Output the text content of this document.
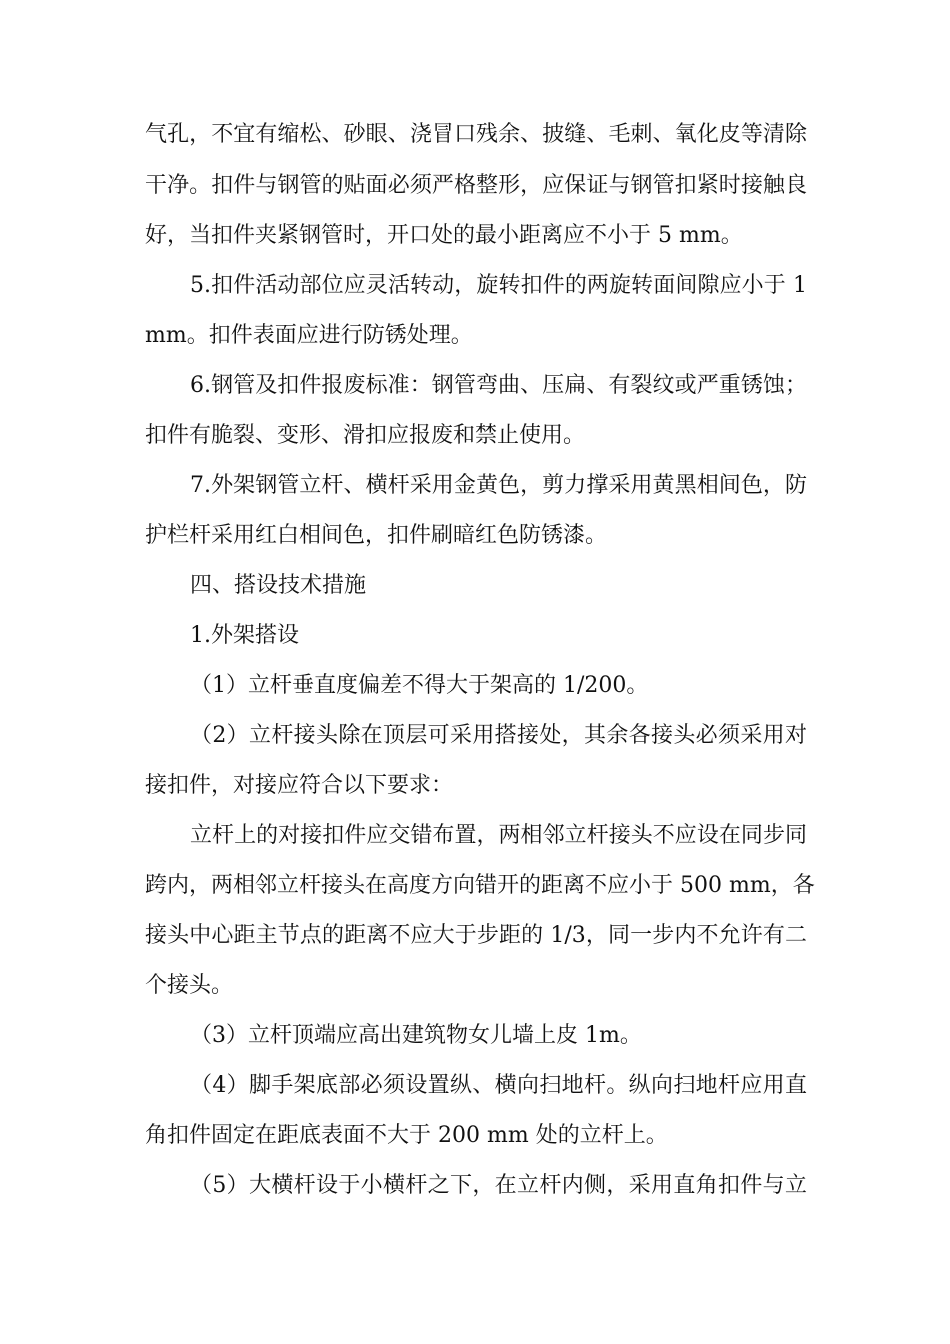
气孔，不宜有缩松、砂眼、浇冒口残余、披缝、毛刺、氧化皮等清除
干净。扣件与钢管的贴面必须严格整形，应保证与钢管扣紧时接触良
好，当扣件夹紧钢管时，开口处的最小距离应不小于 5 mm。
5.扣件活动部位应灵活转动，旋转扣件的两旋转面间隙应小于 1
mm。扣件表面应进行防锈处理。
6.钢管及扣件报废标准：钢管弯曲、压扁、有裂纹或严重锈蚀；
扣件有脆裂、变形、滑扣应报废和禁止使用。
7.外架钢管立杆、横杆采用金黄色，剪力撑采用黄黑相间色，防
护栏杆采用红白相间色，扣件刷暗红色防锈漆。
四、搭设技术措施
1.外架搭设
（1）立杆垂直度偏差不得大于架高的 1/200。
（2）立杆接头除在顶层可采用搭接处，其余各接头必须采用对
接扣件，对接应符合以下要求：
立杆上的对接扣件应交错布置，两相邻立杆接头不应设在同步同
跨内，两相邻立杆接头在高度方向错开的距离不应小于 500 mm，各
接头中心距主节点的距离不应大于步距的 1/3，同一步内不允许有二
个接头。
（3）立杆顶端应高出建筑物女儿墙上皮 1m。
（4）脚手架底部必须设置纵、横向扫地杆。纵向扫地杆应用直
角扣件固定在距底表面不大于 200 mm 处的立杆上。
（5）大横杆设于小横杆之下，在立杆内侧，采用直角扣件与立
